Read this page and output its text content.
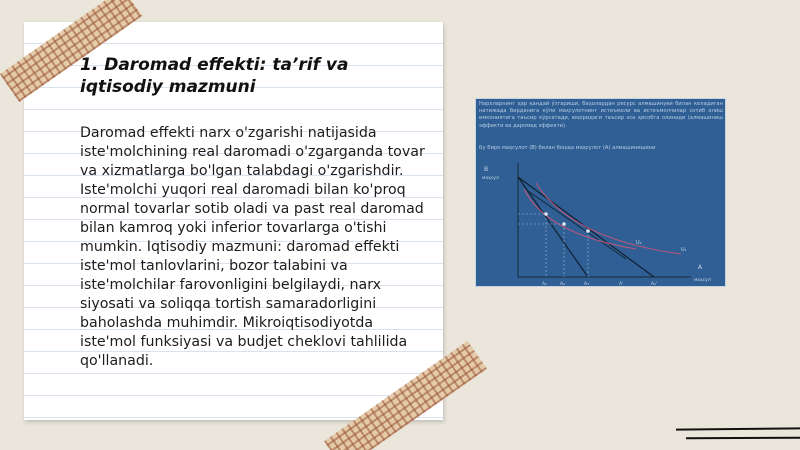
1. Daromad effekti: ta’rif va iqtisodiy mazmuni

Daromad effekti narx o'zgarishi natijasida iste'molchining real daromadi o'zgarganda tovar va xizmatlarga bo'lgan talabdagi o'zgarishdir. Iste'molchi yuqori real daromadi bilan ko'proq normal tovarlar sotib oladi va past real daromad bilan kamroq yoki inferior tovarlarga o'tishi mumkin. Iqtisodiy mazmuni: daromad effekti iste'mol tanlovlarini, bozor talabini va iste'molchilar farovonligini belgilaydi, narx siyosati va soliqqa tortish samaradorligini baholashda muhimdir. Mikroiqtisodiyotda iste'mol funksiyasi va budjet cheklovi tahlilida qo'llanadi.

Нарxларнинг ҳар қандай ўзгариши, баҳолардан ресурс алмашинуви билан келадиган натижада бирданига кўпи маҳсулотнинг истеъмоли ва истеъмолчилар сотиб олиш имкониятига таъсир кўрсатади, юқоридаги таъсир эса ҳисобга олинади (алмашиниш эффекти ва даромад эффекти).
Бу биро маҳсулот (В) билан бошқа маҳсулот (А) алмашинишини
B
маҳсул
A
маҳсул
U₂
U₁
A₁	A₂	A₃	A'	A₂'
